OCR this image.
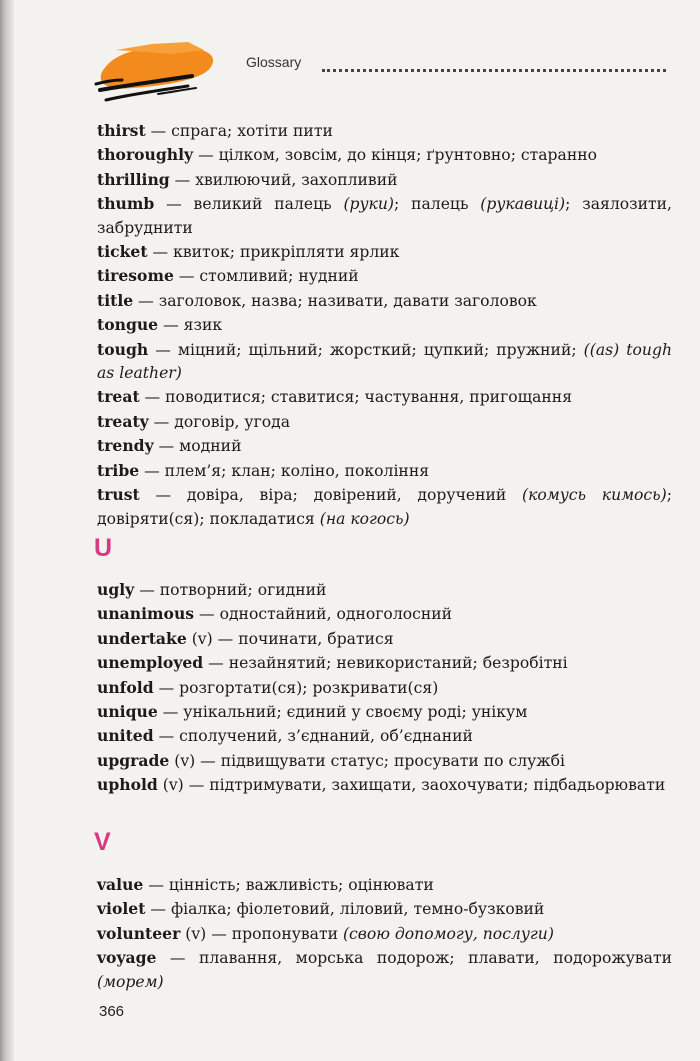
Glossary
thirst — спрага; хотіти пити
thoroughly — цілком, зовсім, до кінця; ґрунтовно; старанно
thrilling — хвилюючий, захопливий
thumb — великий палець (руки); палець (рукавиці); заялозити, забруднити
ticket — квиток; прикріпляти ярлик
tiresome — стомливий; нудний
title — заголовок, назва; називати, давати заголовок
tongue — язик
tough — міцний; щільний; жорсткий; цупкий; пружний; ((as) tough as leather)
treat — поводитися; ставитися; частування, пригощання
treaty — договір, угода
trendy — модний
tribe — плем’я; клан; коліно, покоління
trust — довіра, віра; довірений, доручений (комусь кимось); довіряти(ся); покладатися (на когось)
U
ugly — потворний; огидний
unanimous — одностайний, одноголосний
undertake (v) — починати, братися
unemployed — незайнятий; невикористаний; безробітні
unfold — розгортати(ся); розкривати(ся)
unique — унікальний; єдиний у своєму роді; унікум
united — сполучений, з’єднаний, об’єднаний
upgrade (v) — підвищувати статус; просувати по службі
uphold (v) — підтримувати, захищати, заохочувати; підбадьорювати
V
value — цінність; важливість; оцінювати
violet — фіалка; фіолетовий, ліловий, темно-бузковий
volunteer (v) — пропонувати (свою допомогу, послуги)
voyage — плавання, морська подорож; плавати, подорожувати (морем)
366
